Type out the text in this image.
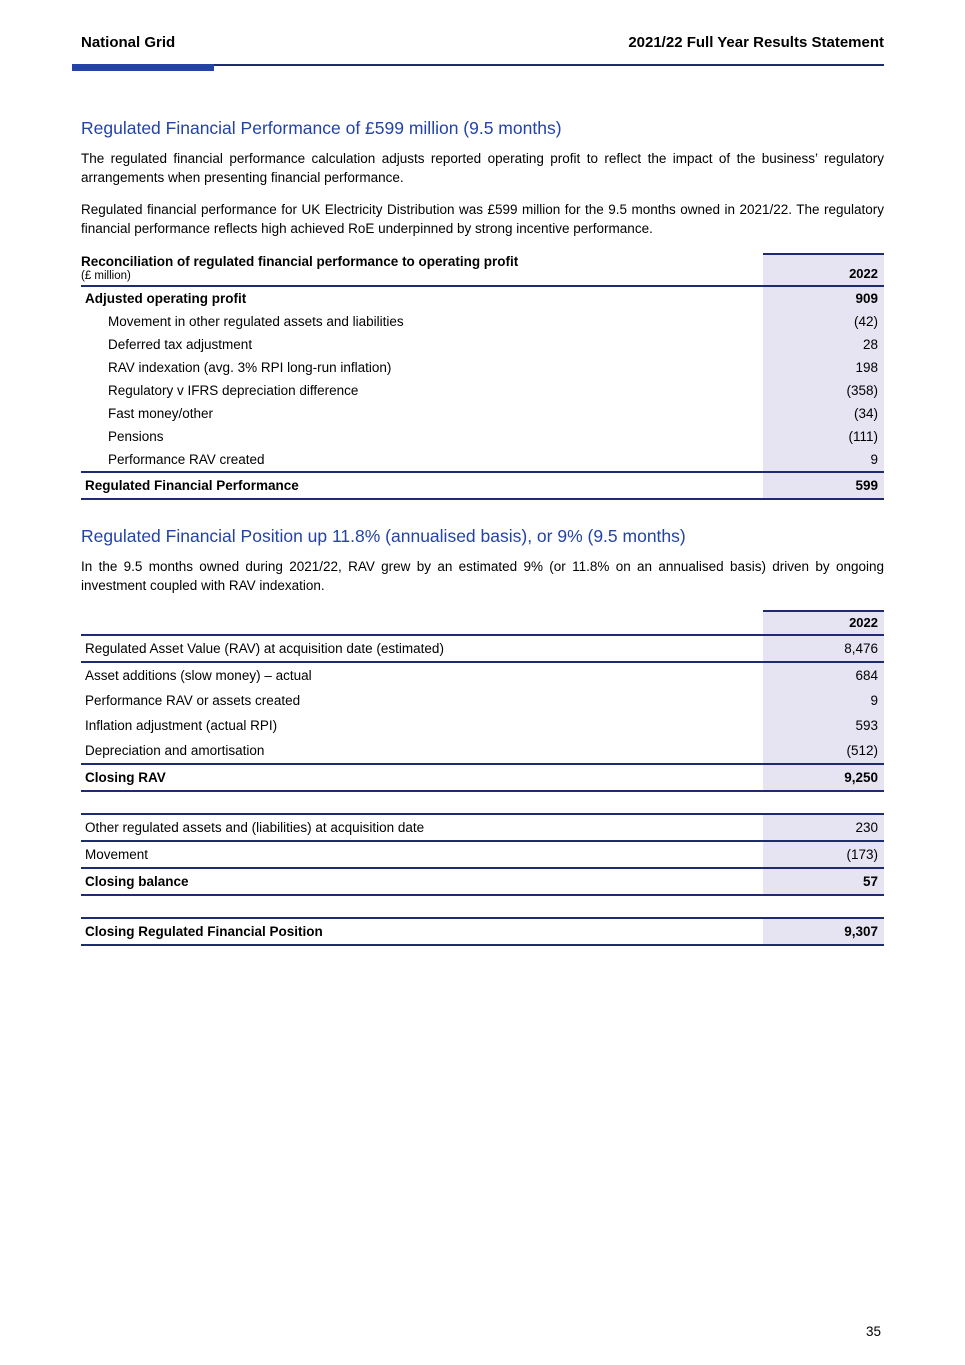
National Grid	2021/22 Full Year Results Statement
Regulated Financial Performance of £599 million (9.5 months)

The regulated financial performance calculation adjusts reported operating profit to reflect the impact of the business’ regulatory arrangements when presenting financial performance.

Regulated financial performance for UK Electricity Distribution was £599 million for the 9.5 months owned in 2021/22. The regulatory financial performance reflects high achieved RoE underpinned by strong incentive performance.

Reconciliation of regulated financial performance to operating profit
(£ million)	2022
Adjusted operating profit	909
Movement in other regulated assets and liabilities	(42)
Deferred tax adjustment	28
RAV indexation (avg. 3% RPI long-run inflation)	198
Regulatory v IFRS depreciation difference	(358)
Fast money/other	(34)
Pensions	(111)
Performance RAV created	9
Regulated Financial Performance	599
Regulated Financial Position up 11.8% (annualised basis), or 9% (9.5 months)

In the 9.5 months owned during 2021/22, RAV grew by an estimated 9% (or 11.8% on an annualised basis) driven by ongoing investment coupled with RAV indexation.

	2022
Regulated Asset Value (RAV) at acquisition date (estimated)	8,476
Asset additions (slow money) – actual	684
Performance RAV or assets created	9
Inflation adjustment (actual RPI)	593
Depreciation and amortisation	(512)
Closing RAV	9,250

Other regulated assets and (liabilities) at acquisition date	230
Movement	(173)
Closing balance	57

Closing Regulated Financial Position	9,307
35
